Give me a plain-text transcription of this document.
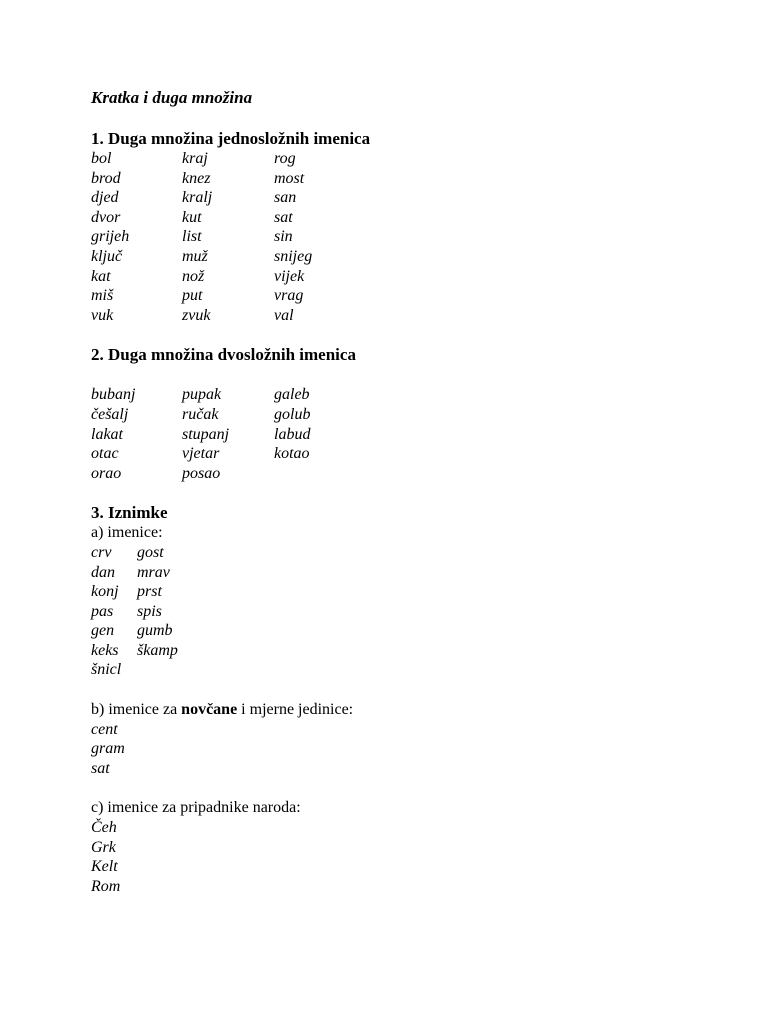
Kratka i duga množina
1. Duga množina jednosložnih imenica
bol	kraj	rog
brod	knez	most
djed	kralj	san
dvor	kut	sat
grijeh	list	sin
ključ	muž	snijeg
kat	nož	vijek
miš	put	vrag
vuk	zvuk	val
2. Duga množina dvosložnih imenica
bubanj	pupak	galeb
češalj	ručak	golub
lakat	stupanj	labud
otac	vjetar	kotao
orao	posao
3. Iznimke
a) imenice:
crv	gost
dan	mrav
konj	prst
pas	spis
gen	gumb
keks	škamp
šnicl
b) imenice za novčane i mjerne jedinice:
cent
gram
sat
c) imenice za pripadnike naroda:
Čeh
Grk
Kelt
Rom
